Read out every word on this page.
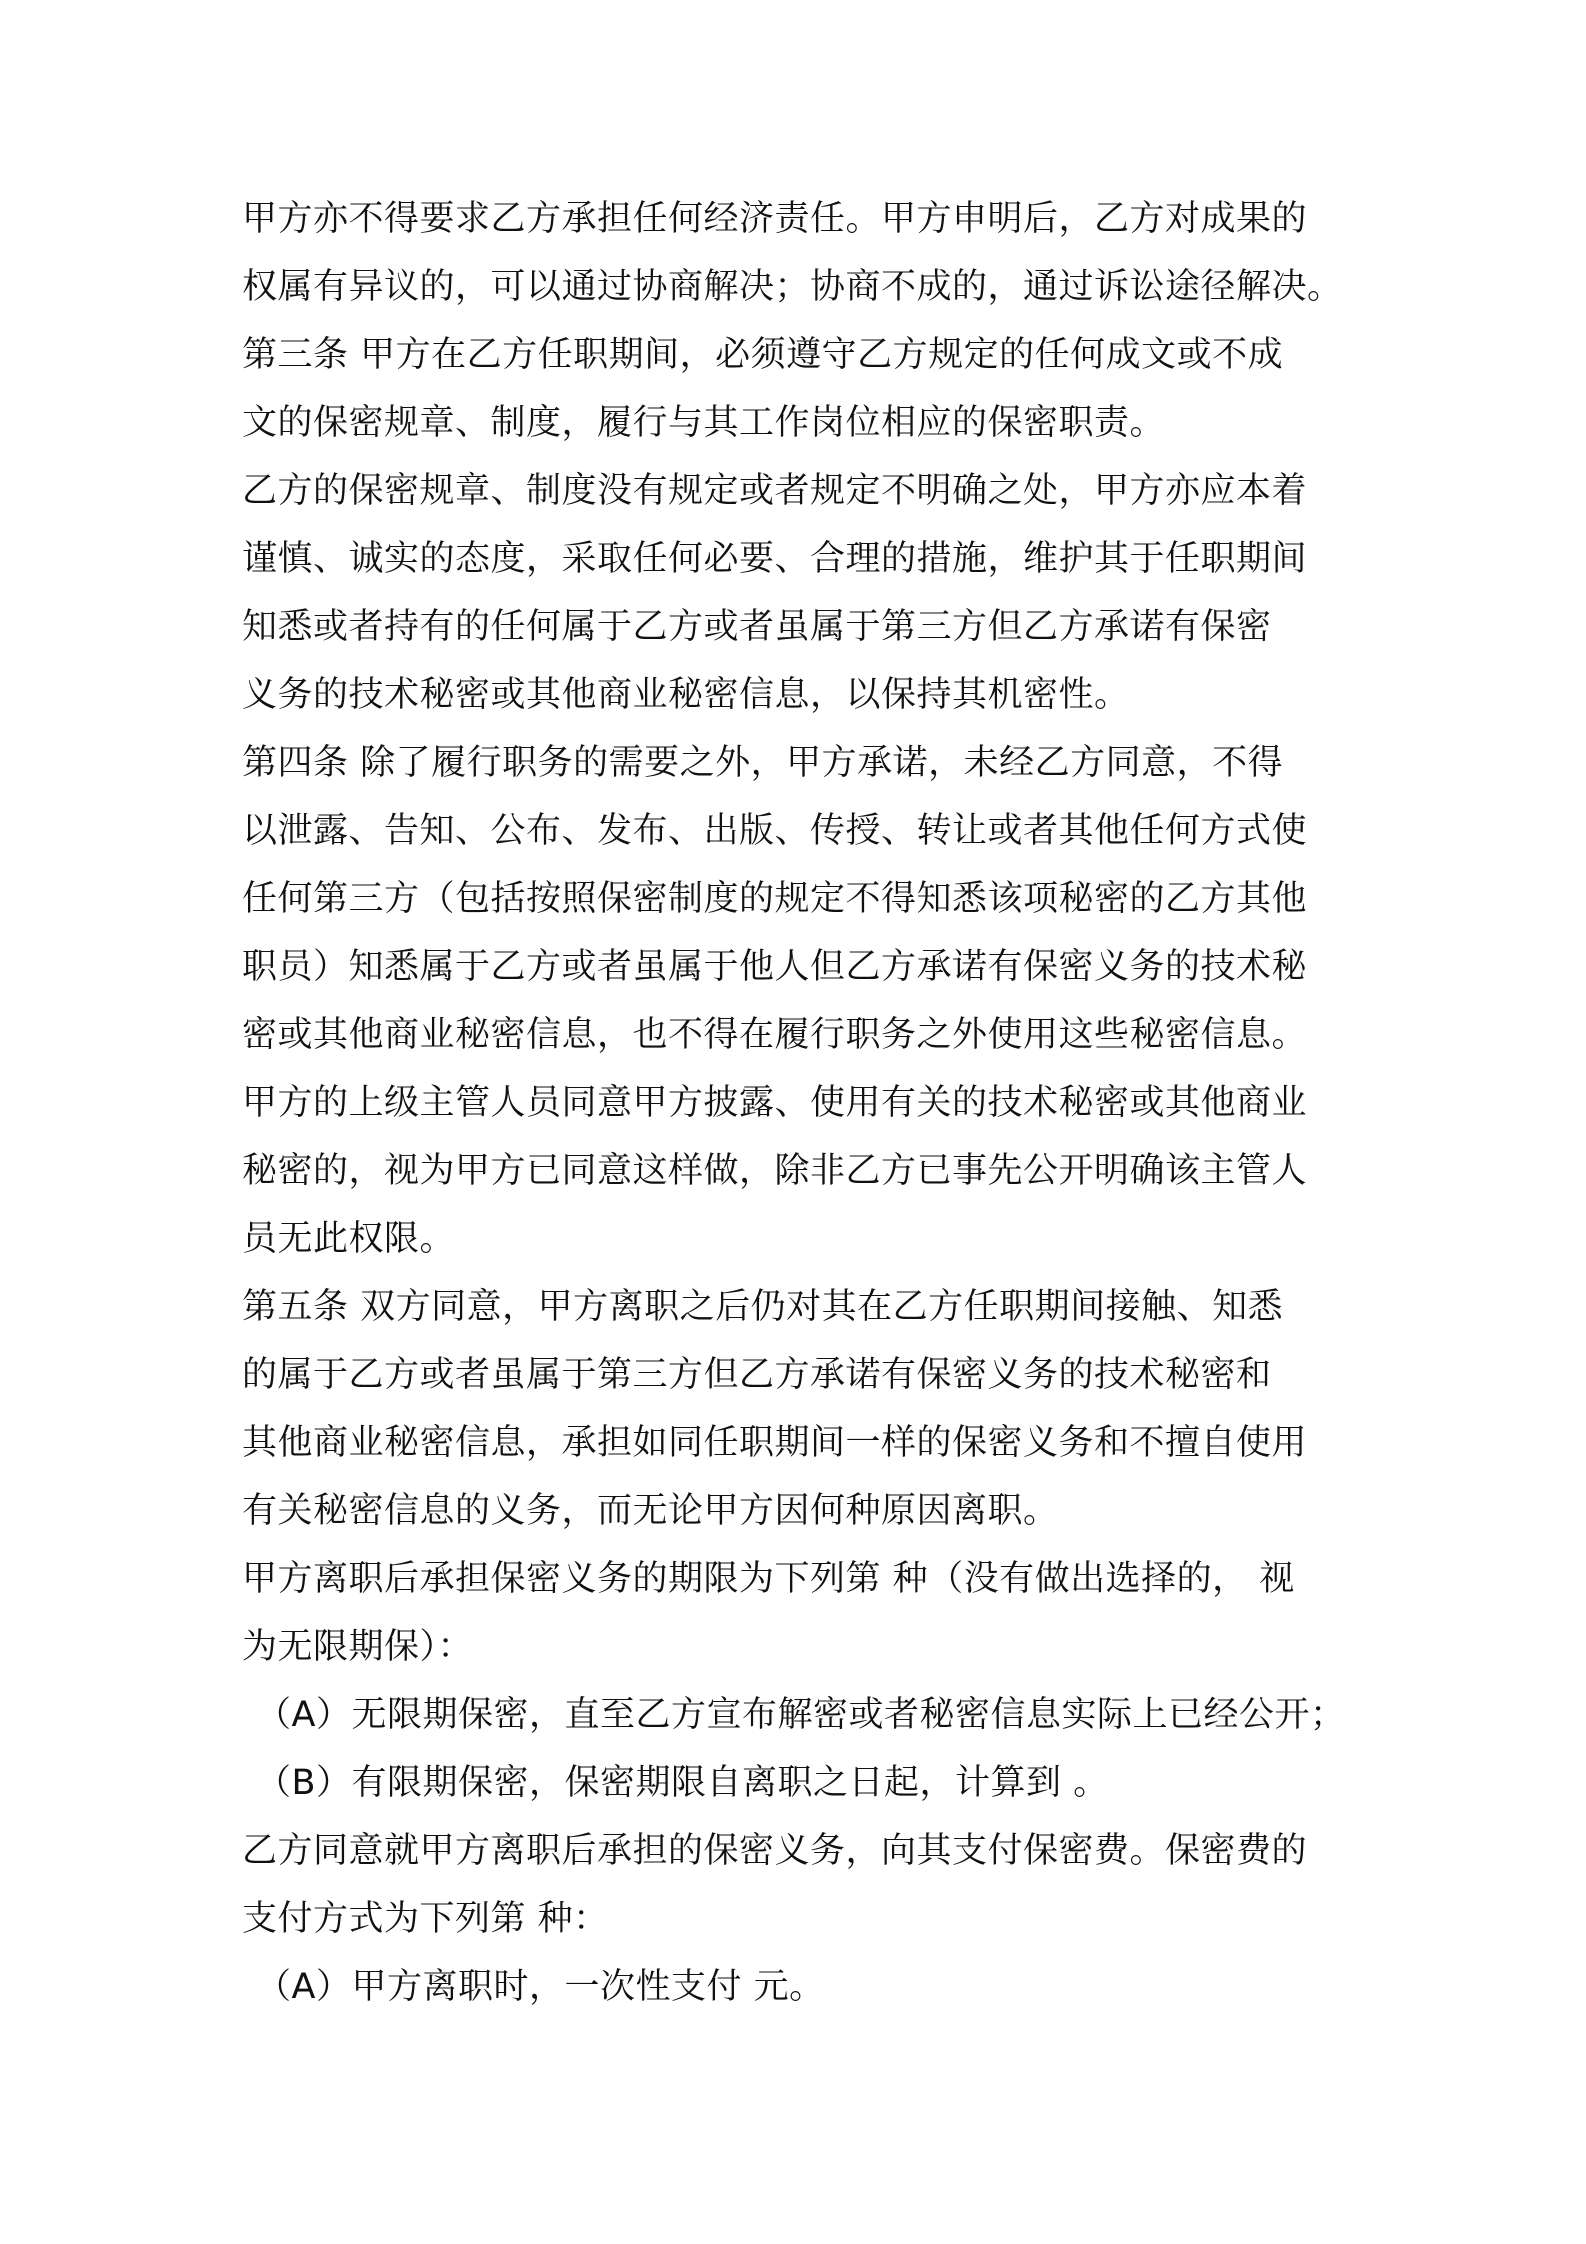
甲方亦不得要求乙方承担任何经济责任。甲方申明后，乙方对成果的
权属有异议的，可以通过协商解决；协商不成的，通过诉讼途径解决。
第三条 甲方在乙方任职期间，必须遵守乙方规定的任何成文或不成
文的保密规章、制度，履行与其工作岗位相应的保密职责。
乙方的保密规章、制度没有规定或者规定不明确之处，甲方亦应本着
谨慎、诚实的态度，采取任何必要、合理的措施，维护其于任职期间
知悉或者持有的任何属于乙方或者虽属于第三方但乙方承诺有保密
义务的技术秘密或其他商业秘密信息，以保持其机密性。
第四条 除了履行职务的需要之外，甲方承诺，未经乙方同意，不得
以泄露、告知、公布、发布、出版、传授、转让或者其他任何方式使
任何第三方（包括按照保密制度的规定不得知悉该项秘密的乙方其他
职员）知悉属于乙方或者虽属于他人但乙方承诺有保密义务的技术秘
密或其他商业秘密信息，也不得在履行职务之外使用这些秘密信息。
甲方的上级主管人员同意甲方披露、使用有关的技术秘密或其他商业
秘密的，视为甲方已同意这样做，除非乙方已事先公开明确该主管人
员无此权限。
第五条 双方同意，甲方离职之后仍对其在乙方任职期间接触、知悉
的属于乙方或者虽属于第三方但乙方承诺有保密义务的技术秘密和
其他商业秘密信息，承担如同任职期间一样的保密义务和不擅自使用
有关秘密信息的义务，而无论甲方因何种原因离职。
甲方离职后承担保密义务的期限为下列第 种（没有做出选择的， 视
为无限期保）：
（A）无限期保密，直至乙方宣布解密或者秘密信息实际上已经公开；
（B）有限期保密，保密期限自离职之日起，计算到 。
乙方同意就甲方离职后承担的保密义务，向其支付保密费。保密费的
支付方式为下列第 种：
（A）甲方离职时，一次性支付 元。
